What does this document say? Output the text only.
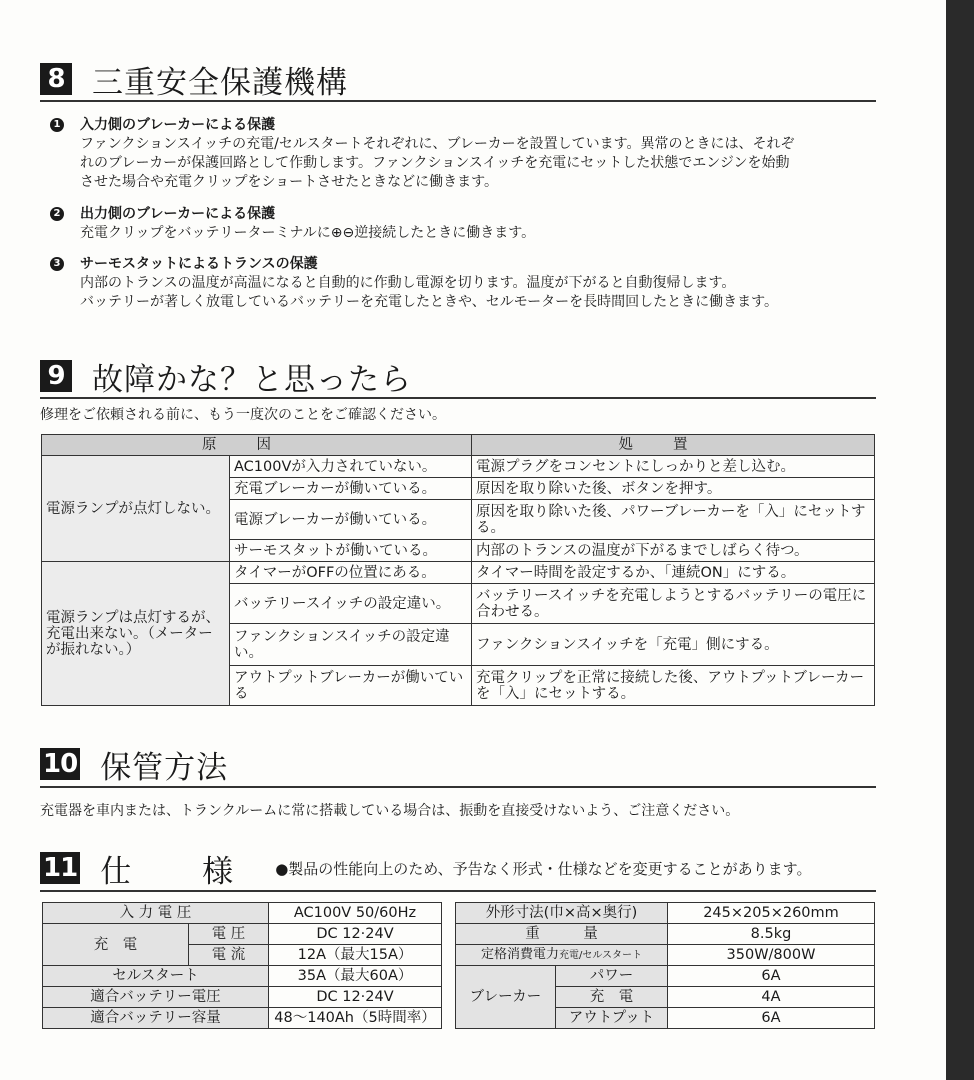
8 三重安全保護機構
1 入力側のブレーカーによる保護
ファンクションスイッチの充電/セルスタートそれぞれに、ブレーカーを設置しています。異常のときには、それぞ
れのブレーカーが保護回路として作動します。ファンクションスイッチを充電にセットした状態でエンジンを始動
させた場合や充電クリップをショートさせたときなどに働きます。
2 出力側のブレーカーによる保護
充電クリップをバッテリーターミナルに⊕⊖逆接続したときに働きます。
3 サーモスタットによるトランスの保護
内部のトランスの温度が高温になると自動的に作動し電源を切ります。温度が下がると自動復帰します。
バッテリーが著しく放電しているバッテリーを充電したときや、セルモーターを長時間回したときに働きます。
9 故障かな？と思ったら
修理をご依頼される前に、もう一度次のことをご確認ください。
原因		処置
電源ランプが点灯しない。	AC100Vが入力されていない。	電源プラグをコンセントにしっかりと差し込む。
	充電ブレーカーが働いている。	原因を取り除いた後、ボタンを押す。
	電源ブレーカーが働いている。	原因を取り除いた後、パワーブレーカーを「入」にセットする。
	サーモスタットが働いている。	内部のトランスの温度が下がるまでしばらく待つ。
電源ランプは点灯するが、充電出来ない。（メーターが振れない。）	タイマーがOFFの位置にある。	タイマー時間を設定するか、「連続ON」にする。
	バッテリースイッチの設定違い。	バッテリースイッチを充電しようとするバッテリーの電圧に合わせる。
	ファンクションスイッチの設定違い。	ファンクションスイッチを「充電」側にする。
	アウトプットブレーカーが働いている	充電クリップを正常に接続した後、アウトプットブレーカーを「入」にセットする。
10 保管方法
充電器を車内または、トランクルームに常に搭載している場合は、振動を直接受けないよう、ご注意ください。
11 仕　様 ●製品の性能向上のため、予告なく形式・仕様などを変更することがあります。
入 力 電 圧		AC100V 50/60Hz
充　電	電 圧	DC 12·24V
	電 流	12A（最大15A）
セルスタート		35A（最大60A）
適合バッテリー電圧		DC 12·24V
適合バッテリー容量		48～140Ah（5時間率）
外形寸法(巾×高×奥行)		245×205×260mm
重　　　量		8.5kg
定格消費電力充電/セルスタート		350W/800W
ブレーカー	パワー	6A
	充　電	4A
	アウトプット	6A
